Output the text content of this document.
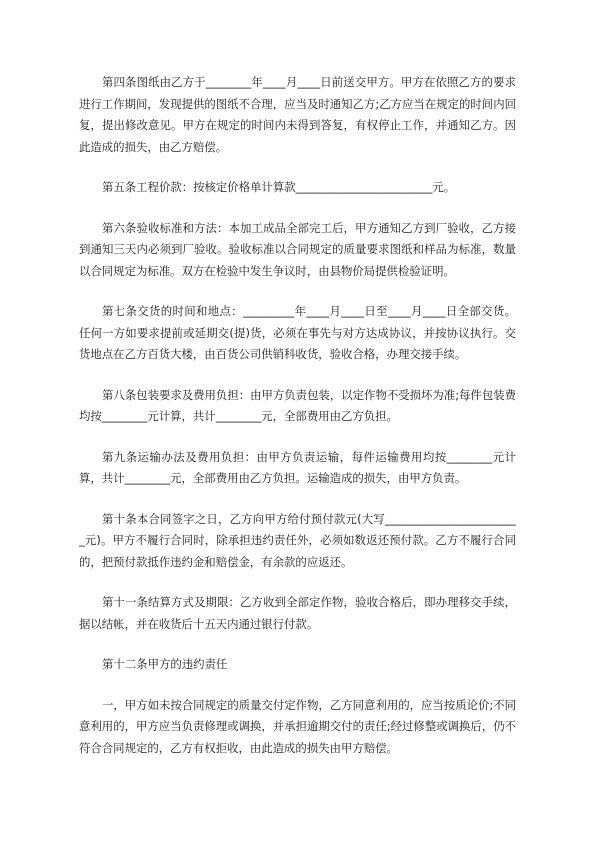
第四条图纸由乙方于________年____月____日前送交甲方。甲方在依照乙方的要求进行工作期间，发现提供的图纸不合理，应当及时通知乙方;乙方应当在规定的时间内回复，提出修改意见。甲方在规定的时间内未得到答复，有权停止工作，并通知乙方。因此造成的损失，由乙方赔偿。

第五条工程价款：按核定价格单计算款________________________元。

第六条验收标准和方法：本加工成品全部完工后，甲方通知乙方到厂验收，乙方接到通知三天内必须到厂验收。验收标准以合同规定的质量要求图纸和样品为标准，数量以合同规定为标准。双方在检验中发生争议时，由县物价局提供检验证明。

第七条交货的时间和地点：_________年____月____日至____月____日全部交货。任何一方如要求提前或延期交(提)货，必须在事先与对方达成协议，并按协议执行。交货地点在乙方百货大楼，由百货公司供销科收货，验收合格，办理交接手续。

第八条包装要求及费用负担：由甲方负责包装，以定作物不受损坏为准;每件包装费均按________元计算，共计________元，全部费用由乙方负担。

第九条运输办法及费用负担：由甲方负责运输，每件运输费用均按________元计算，共计________元，全部费用由乙方负担。运输造成的损失，由甲方负责。

第十条本合同签字之日，乙方向甲方给付预付款元(大写________________________元)。甲方不履行合同时，除承担违约责任外，必须如数返还预付款。乙方不履行合同的，把预付款抵作违约金和赔偿金，有余款的应返还。

第十一条结算方式及期限：乙方收到全部定作物，验收合格后，即办理移交手续，据以结帐，并在收货后十五天内通过银行付款。

第十二条甲方的违约责任

一，甲方如未按合同规定的质量交付定作物，乙方同意利用的，应当按质论价;不同意利用的，甲方应当负责修理或调换，并承担逾期交付的责任;经过修整或调换后，仍不符合合同规定的，乙方有权拒收，由此造成的损失由甲方赔偿。
